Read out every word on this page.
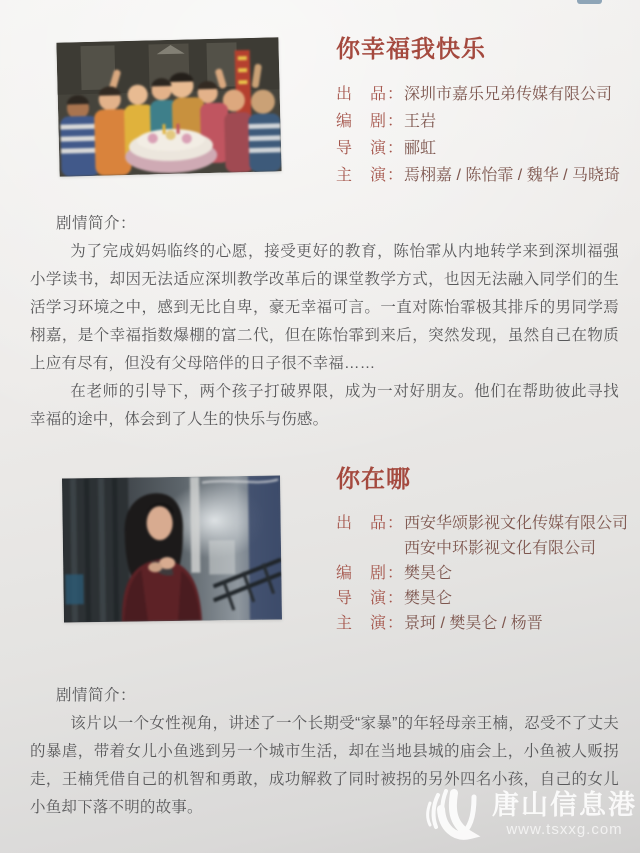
你幸福我快乐
出　品： 深圳市嘉乐兄弟传媒有限公司
编　剧： 王岩
导　演： 郦虹
主　演： 焉栩嘉 / 陈怡霏 / 魏华 / 马晓琦

剧情简介：

为了完成妈妈临终的心愿，接受更好的教育，陈怡霏从内地转学来到深圳福强小学读书，却因无法适应深圳教学改革后的课堂教学方式，也因无法融入同学们的生活学习环境之中，感到无比自卑，豪无幸福可言。一直对陈怡霏极其排斥的男同学焉栩嘉，是个幸福指数爆棚的富二代，但在陈怡霏到来后，突然发现，虽然自己在物质上应有尽有，但没有父母陪伴的日子很不幸福……

在老师的引导下，两个孩子打破界限，成为一对好朋友。他们在帮助彼此寻找幸福的途中，体会到了人生的快乐与伤感。

你在哪
出　品： 西安华颂影视文化传媒有限公司
西安中环影视文化有限公司
编　剧： 樊昊仑
导　演： 樊昊仑
主　演： 景珂 / 樊昊仑 / 杨晋

剧情简介：

该片以一个女性视角，讲述了一个长期受“家暴”的年轻母亲王楠，忍受不了丈夫的暴虐，带着女儿小鱼逃到另一个城市生活，却在当地县城的庙会上，小鱼被人贩拐走，王楠凭借自己的机智和勇敢，成功解救了同时被拐的另外四名小孩，自己的女儿小鱼却下落不明的故事。	唐山信息港
www.tsxxg.com
